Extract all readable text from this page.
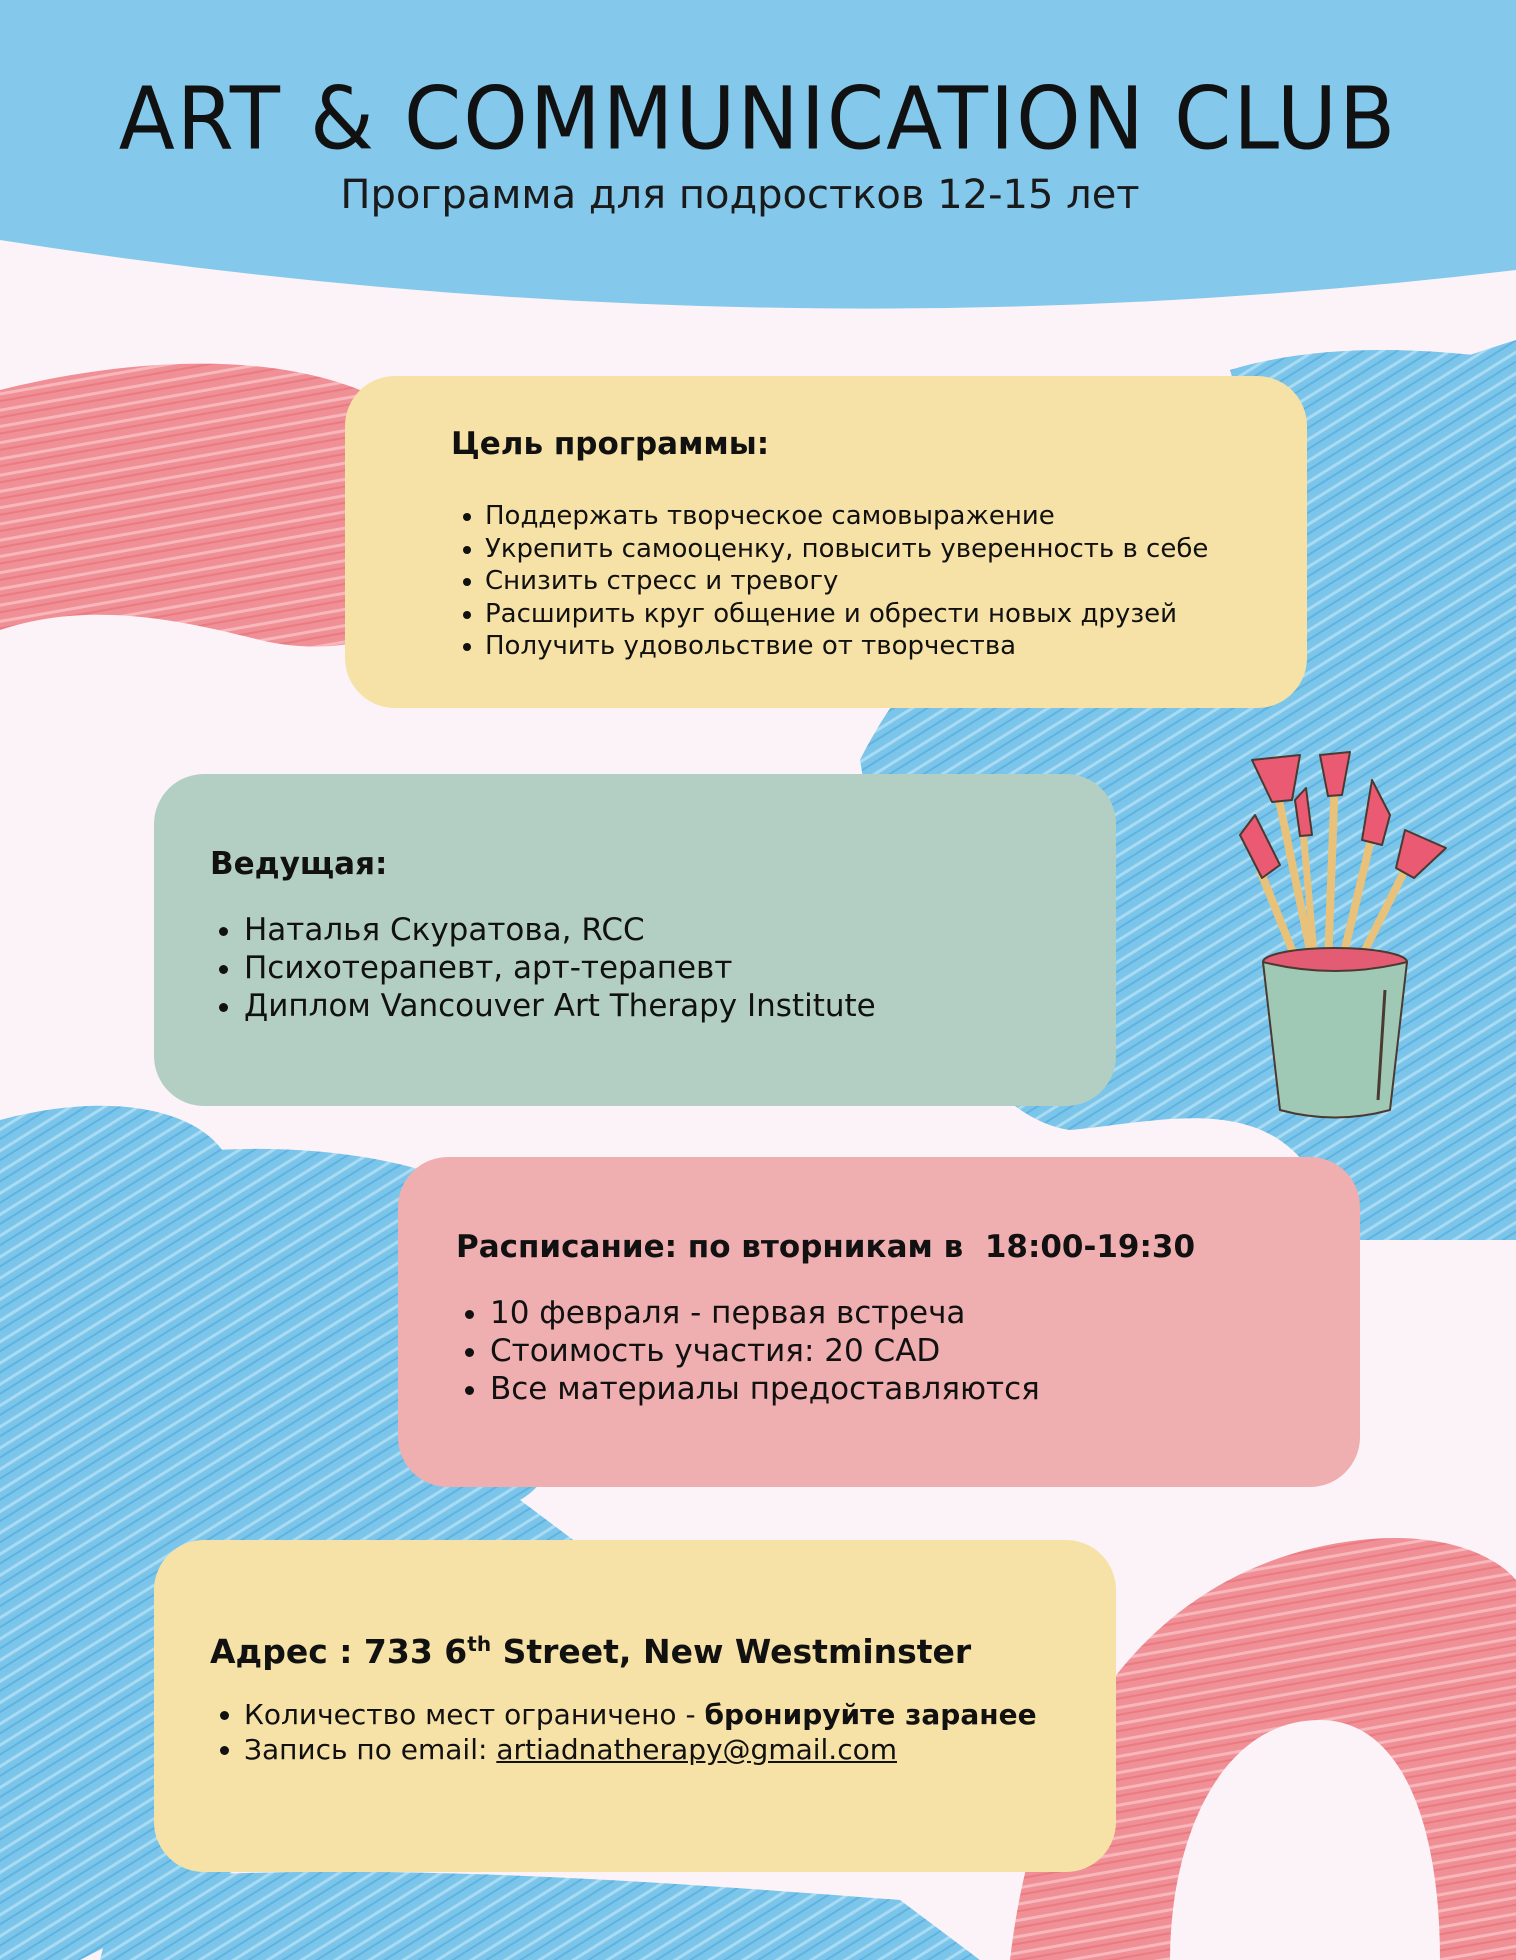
ART & COMMUNICATION CLUB

Программа для подростков 12-15 лет

Цель программы:
• Поддержать творческое самовыражение
• Укрепить самооценку, повысить уверенность в себе
• Снизить стресс и тревогу
• Расширить круг общение и обрести новых друзей
• Получить удовольствие от творчества
Ведущая:
• Наталья Скуратова, RCC
• Психотерапевт, арт-терапевт
• Диплом Vancouver Art Therapy Institute
Расписание: по вторникам в  18:00-19:30
• 10 февраля - первая встреча
• Стоимость участия: 20 CAD
• Все материалы предоставляются
Адрес : 733 6th Street, New Westminster
• Количество мест ограничено - бронируйте заранее
• Запись по email: artiadnatherapy@gmail.com
